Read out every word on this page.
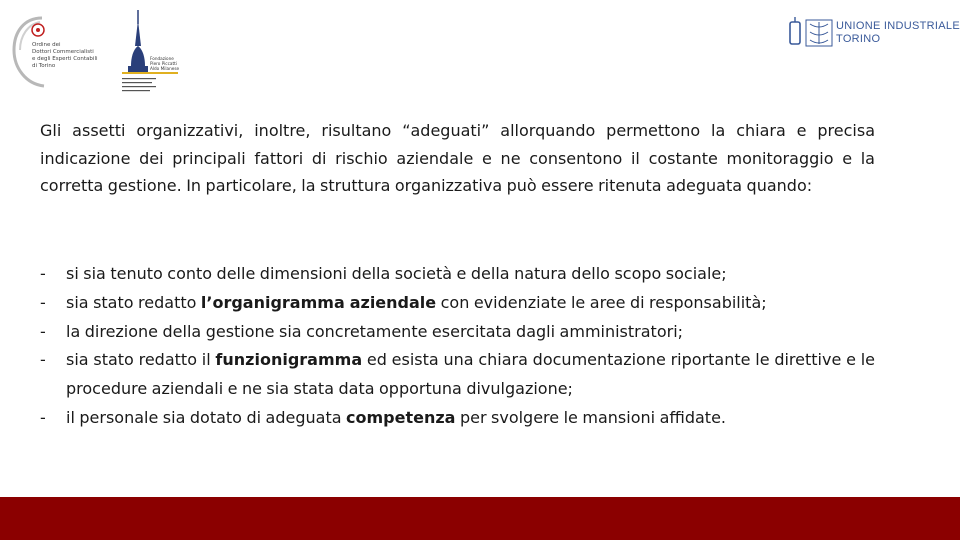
Ordine dei
Dottori Commercialisti
e degli Esperti Contabili
di Torino
Fondazione
Piero Piccatti
Aldo Milanese
UNIONE INDUSTRIALE
TORINO

Gli assetti organizzativi, inoltre, risultano “adeguati” allorquando permettono la chiara e precisa indicazione dei principali fattori di rischio aziendale e ne consentono il costante monitoraggio e la corretta gestione. In particolare, la struttura organizzativa può essere ritenuta adeguata quando:

- si sia tenuto conto delle dimensioni della società e della natura dello scopo sociale;
- sia stato redatto l’organigramma aziendale con evidenziate le aree di responsabilità;
- la direzione della gestione sia concretamente esercitata dagli amministratori;
- sia stato redatto il funzionigramma ed esista una chiara documentazione riportante le direttive e le procedure aziendali e ne sia stata data opportuna divulgazione;
- il personale sia dotato di adeguata competenza per svolgere le mansioni affidate.
